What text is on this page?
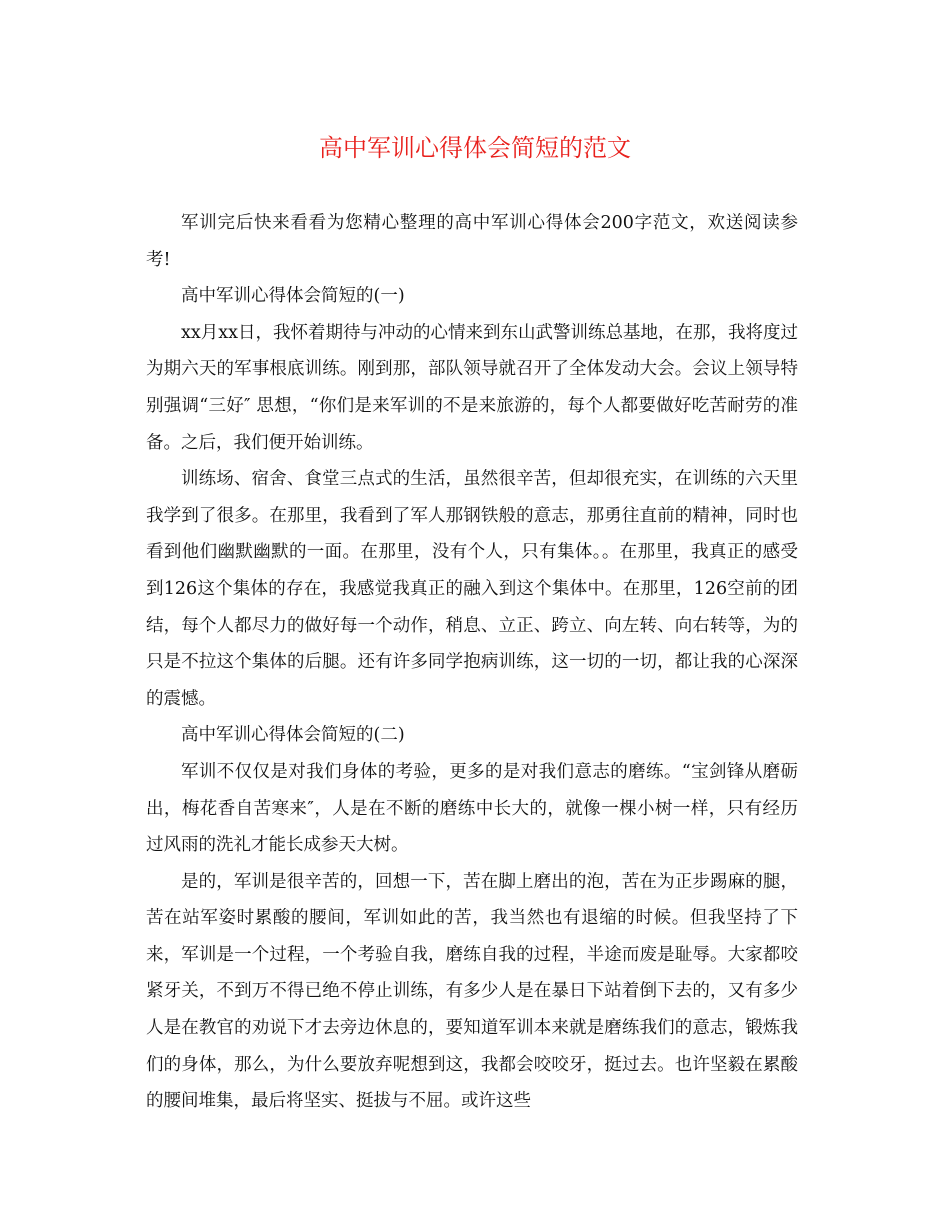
高中军训心得体会简短的范文

军训完后快来看看为您精心整理的高中军训心得体会200字范文，欢送阅读参考!

高中军训心得体会简短的(一)

xx月xx日，我怀着期待与冲动的心情来到东山武警训练总基地，在那，我将度过为期六天的军事根底训练。刚到那，部队领导就召开了全体发动大会。会议上领导特别强调“三好″ 思想，“你们是来军训的不是来旅游的，每个人都要做好吃苦耐劳的准备。之后，我们便开始训练。

训练场、宿舍、食堂三点式的生活，虽然很辛苦，但却很充实，在训练的六天里我学到了很多。在那里，我看到了军人那钢铁般的意志，那勇往直前的精神，同时也看到他们幽默幽默的一面。在那里，没有个人，只有集体。。在那里，我真正的感受到126这个集体的存在，我感觉我真正的融入到这个集体中。在那里，126空前的团结，每个人都尽力的做好每一个动作，稍息、立正、跨立、向左转、向右转等，为的只是不拉这个集体的后腿。还有许多同学抱病训练，这一切的一切，都让我的心深深的震憾。

高中军训心得体会简短的(二)

军训不仅仅是对我们身体的考验，更多的是对我们意志的磨练。“宝剑锋从磨砺出，梅花香自苦寒来″，人是在不断的磨练中长大的，就像一棵小树一样，只有经历过风雨的洗礼才能长成参天大树。

是的，军训是很辛苦的，回想一下，苦在脚上磨出的泡，苦在为正步踢麻的腿，苦在站军姿时累酸的腰间，军训如此的苦，我当然也有退缩的时候。但我坚持了下来，军训是一个过程，一个考验自我，磨练自我的过程，半途而废是耻辱。大家都咬紧牙关，不到万不得已绝不停止训练，有多少人是在暴日下站着倒下去的，又有多少人是在教官的劝说下才去旁边休息的，要知道军训本来就是磨练我们的意志，锻炼我们的身体，那么，为什么要放弃呢想到这，我都会咬咬牙，挺过去。也许坚毅在累酸的腰间堆集，最后将坚实、挺拔与不屈。或许这些
